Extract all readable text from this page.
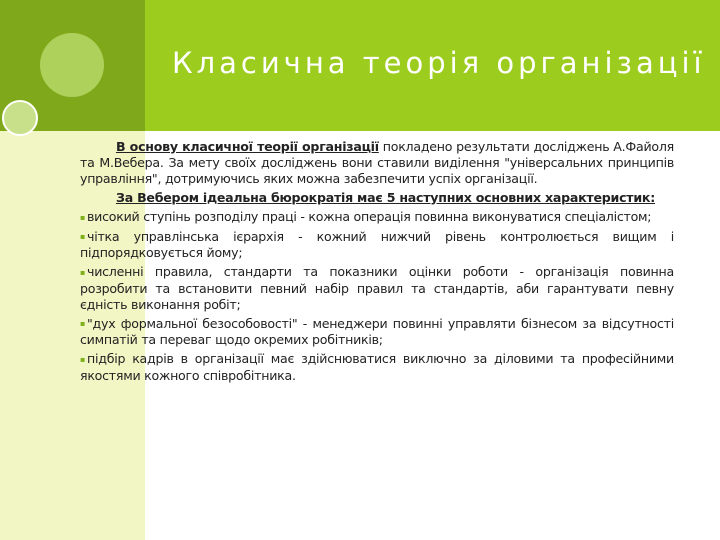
Класична теорія організації

В основу класичної теорії організації покладено результати досліджень А.Файоля та М.Вебера. За мету своїх досліджень вони ставили виділення "універсальних принципів управління", дотримуючись яких можна забезпечити успіх організації.

За Вебером ідеальна бюрократія має 5 наступних основних характеристик:

▪ високий ступінь розподілу праці - кожна операція повинна виконуватися спеціалістом;

▪ чітка управлінська ієрархія - кожний нижчий рівень контролюється вищим і підпорядковується йому;

▪ численні правила, стандарти та показники оцінки роботи - організація повинна розробити та встановити певний набір правил та стандартів, аби гарантувати певну єдність виконання робіт;

▪ "дух формальної безособовості" - менеджери повинні управляти бізнесом за відсутності симпатій та переваг щодо окремих робітників;

▪ підбір кадрів в організації має здійснюватися виключно за діловими та професійними якостями кожного співробітника.
